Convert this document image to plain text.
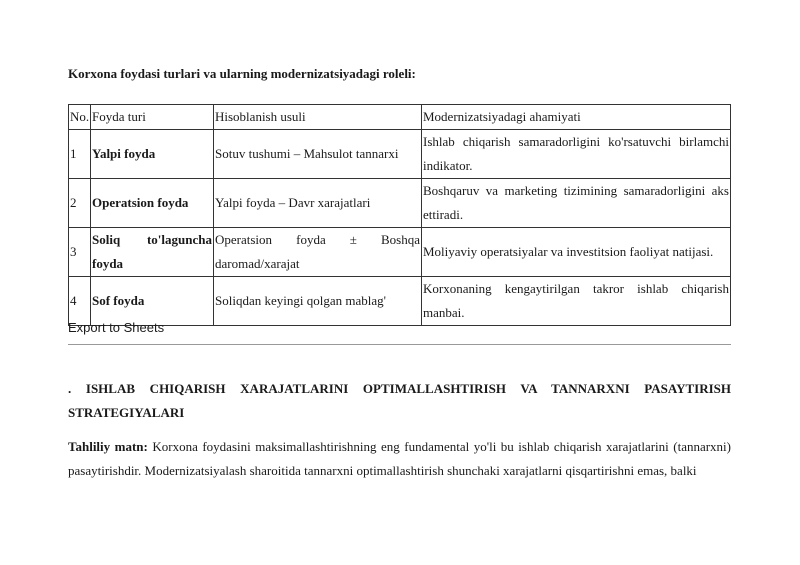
Korxona foydasi turlari va ularning modernizatsiyadagi roleli:
No.	Foyda turi	Hisoblanish usuli	Modernizatsiyadagi ahamiyati
1	Yalpi foyda	Sotuv tushumi – Mahsulot tannarxi	Ishlab chiqarish samaradorligini ko'rsatuvchi birlamchi indikator.
2	Operatsion foyda	Yalpi foyda – Davr xarajatlari	Boshqaruv va marketing tizimining samaradorligini aks ettiradi.
3	Soliq to'laguncha foyda	Operatsion foyda ± Boshqa daromad/xarajat	Moliyaviy operatsiyalar va investitsion faoliyat natijasi.
4	Sof foyda	Soliqdan keyingi qolgan mablag'	Korxonaning kengaytirilgan takror ishlab chiqarish manbai.
Export to Sheets
. ISHLAB CHIQARISH XARAJATLARINI OPTIMALLASHTIRISH VA TANNARXNI PASAYTIRISH STRATEGIYALARI
Tahliliy matn: Korxona foydasini maksimallashtirishning eng fundamental yo'li bu ishlab chiqarish xarajatlarini (tannarxni) pasaytirishdir. Modernizatsiyalash sharoitida tannarxni optimallashtirish shunchaki xarajatlarni qisqartirishni emas, balki
